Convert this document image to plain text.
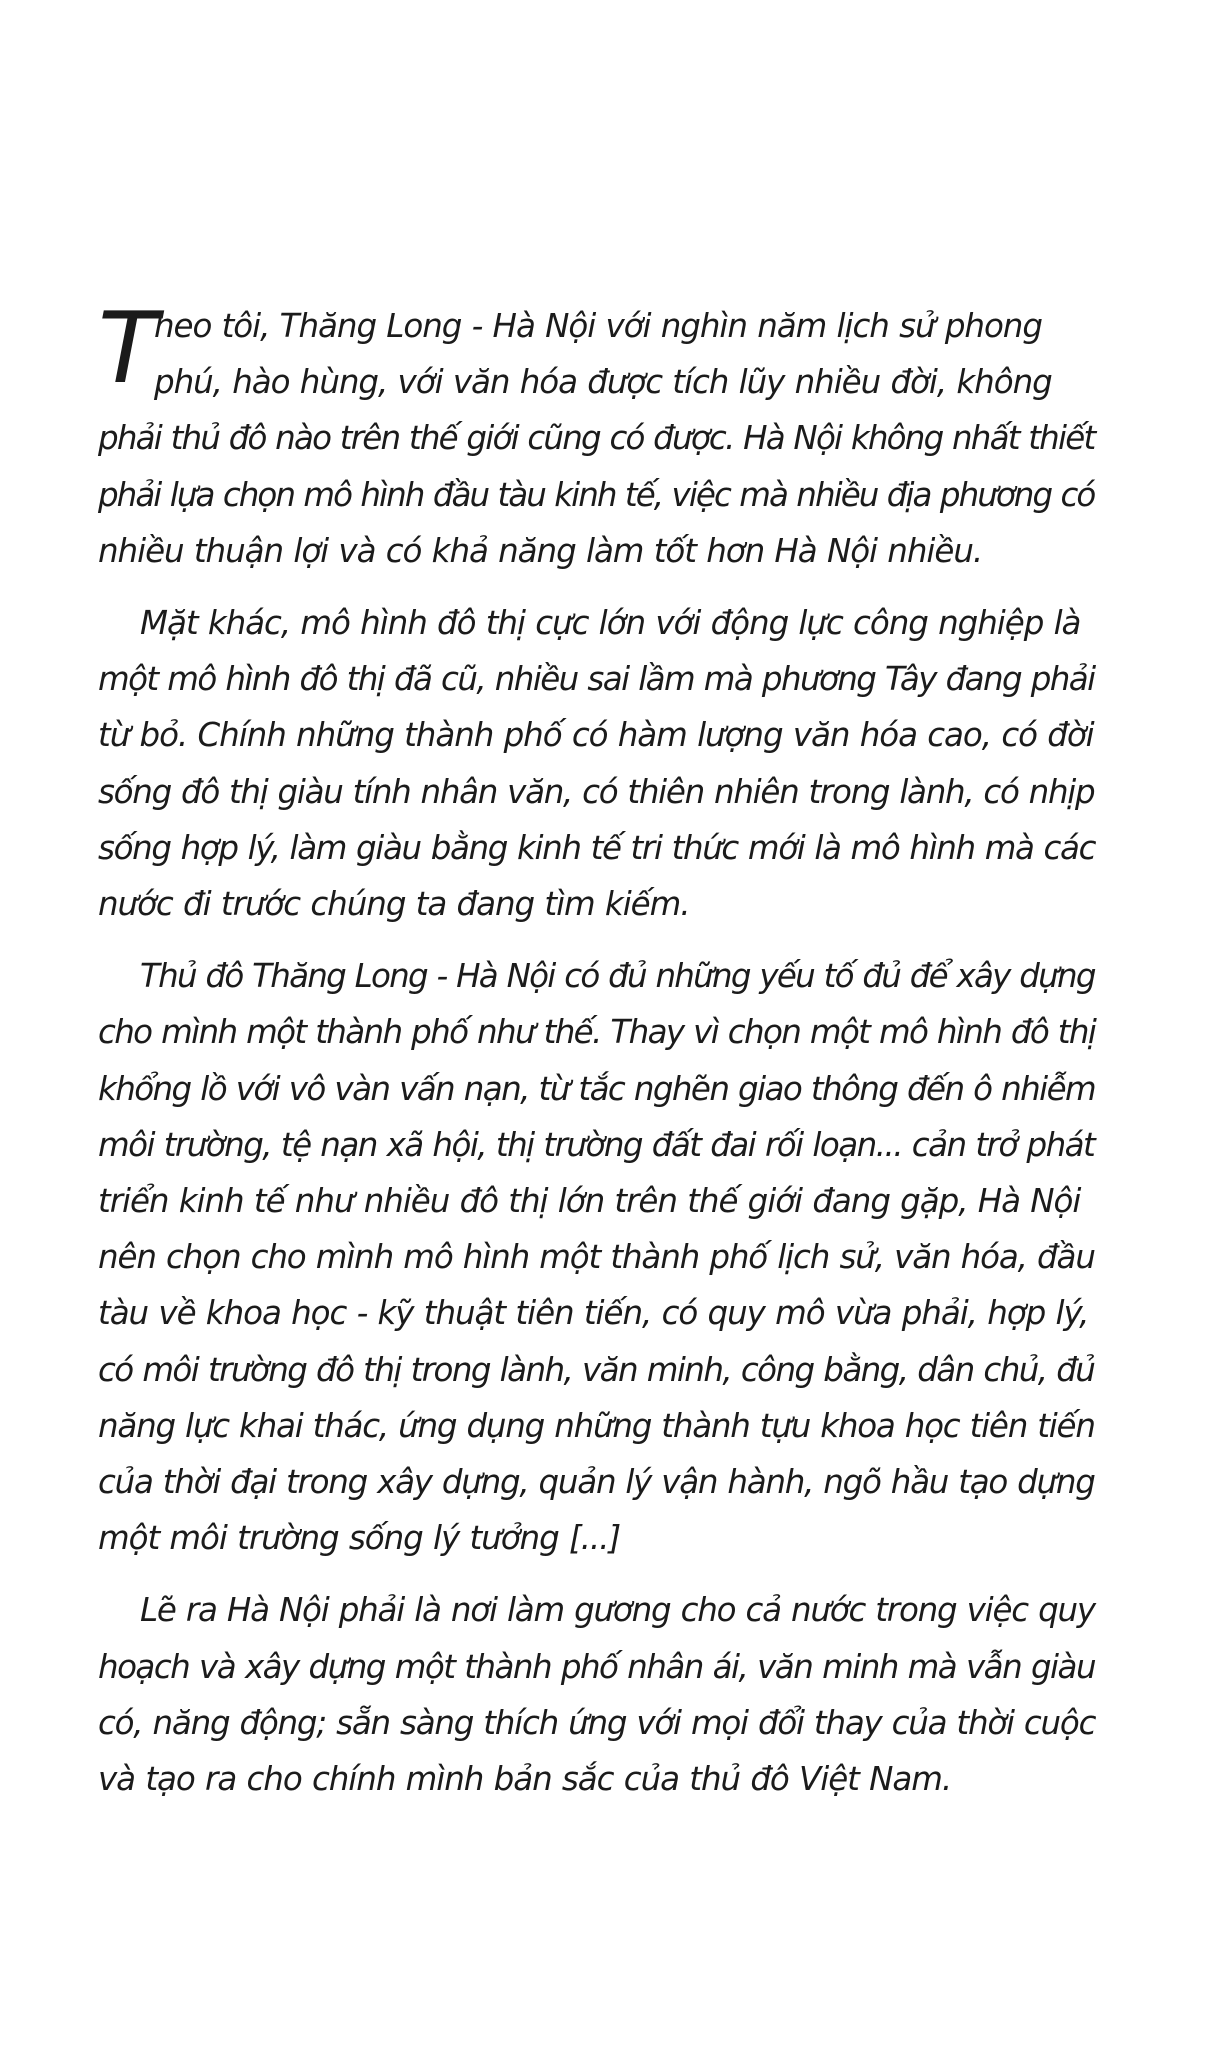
T
heo tôi, Thăng Long - Hà Nội với nghìn năm lịch sử phong
phú, hào hùng, với văn hóa được tích lũy nhiều đời, không
phải thủ đô nào trên thế giới cũng có được. Hà Nội không nhất thiết
phải lựa chọn mô hình đầu tàu kinh tế, việc mà nhiều địa phương có
nhiều thuận lợi và có khả năng làm tốt hơn Hà Nội nhiều.
Mặt khác, mô hình đô thị cực lớn với động lực công nghiệp là
một mô hình đô thị đã cũ, nhiều sai lầm mà phương Tây đang phải
từ bỏ. Chính những thành phố có hàm lượng văn hóa cao, có đời
sống đô thị giàu tính nhân văn, có thiên nhiên trong lành, có nhịp
sống hợp lý, làm giàu bằng kinh tế tri thức mới là mô hình mà các
nước đi trước chúng ta đang tìm kiếm.
Thủ đô Thăng Long - Hà Nội có đủ những yếu tố đủ để xây dựng
cho mình một thành phố như thế. Thay vì chọn một mô hình đô thị
khổng lồ với vô vàn vấn nạn, từ tắc nghẽn giao thông đến ô nhiễm
môi trường, tệ nạn xã hội, thị trường đất đai rối loạn... cản trở phát
triển kinh tế như nhiều đô thị lớn trên thế giới đang gặp, Hà Nội
nên chọn cho mình mô hình một thành phố lịch sử, văn hóa, đầu
tàu về khoa học - kỹ thuật tiên tiến, có quy mô vừa phải, hợp lý,
có môi trường đô thị trong lành, văn minh, công bằng, dân chủ, đủ
năng lực khai thác, ứng dụng những thành tựu khoa học tiên tiến
của thời đại trong xây dựng, quản lý vận hành, ngõ hầu tạo dựng
một môi trường sống lý tưởng [...]
Lẽ ra Hà Nội phải là nơi làm gương cho cả nước trong việc quy
hoạch và xây dựng một thành phố nhân ái, văn minh mà vẫn giàu
có, năng động; sẵn sàng thích ứng với mọi đổi thay của thời cuộc
và tạo ra cho chính mình bản sắc của thủ đô Việt Nam.
